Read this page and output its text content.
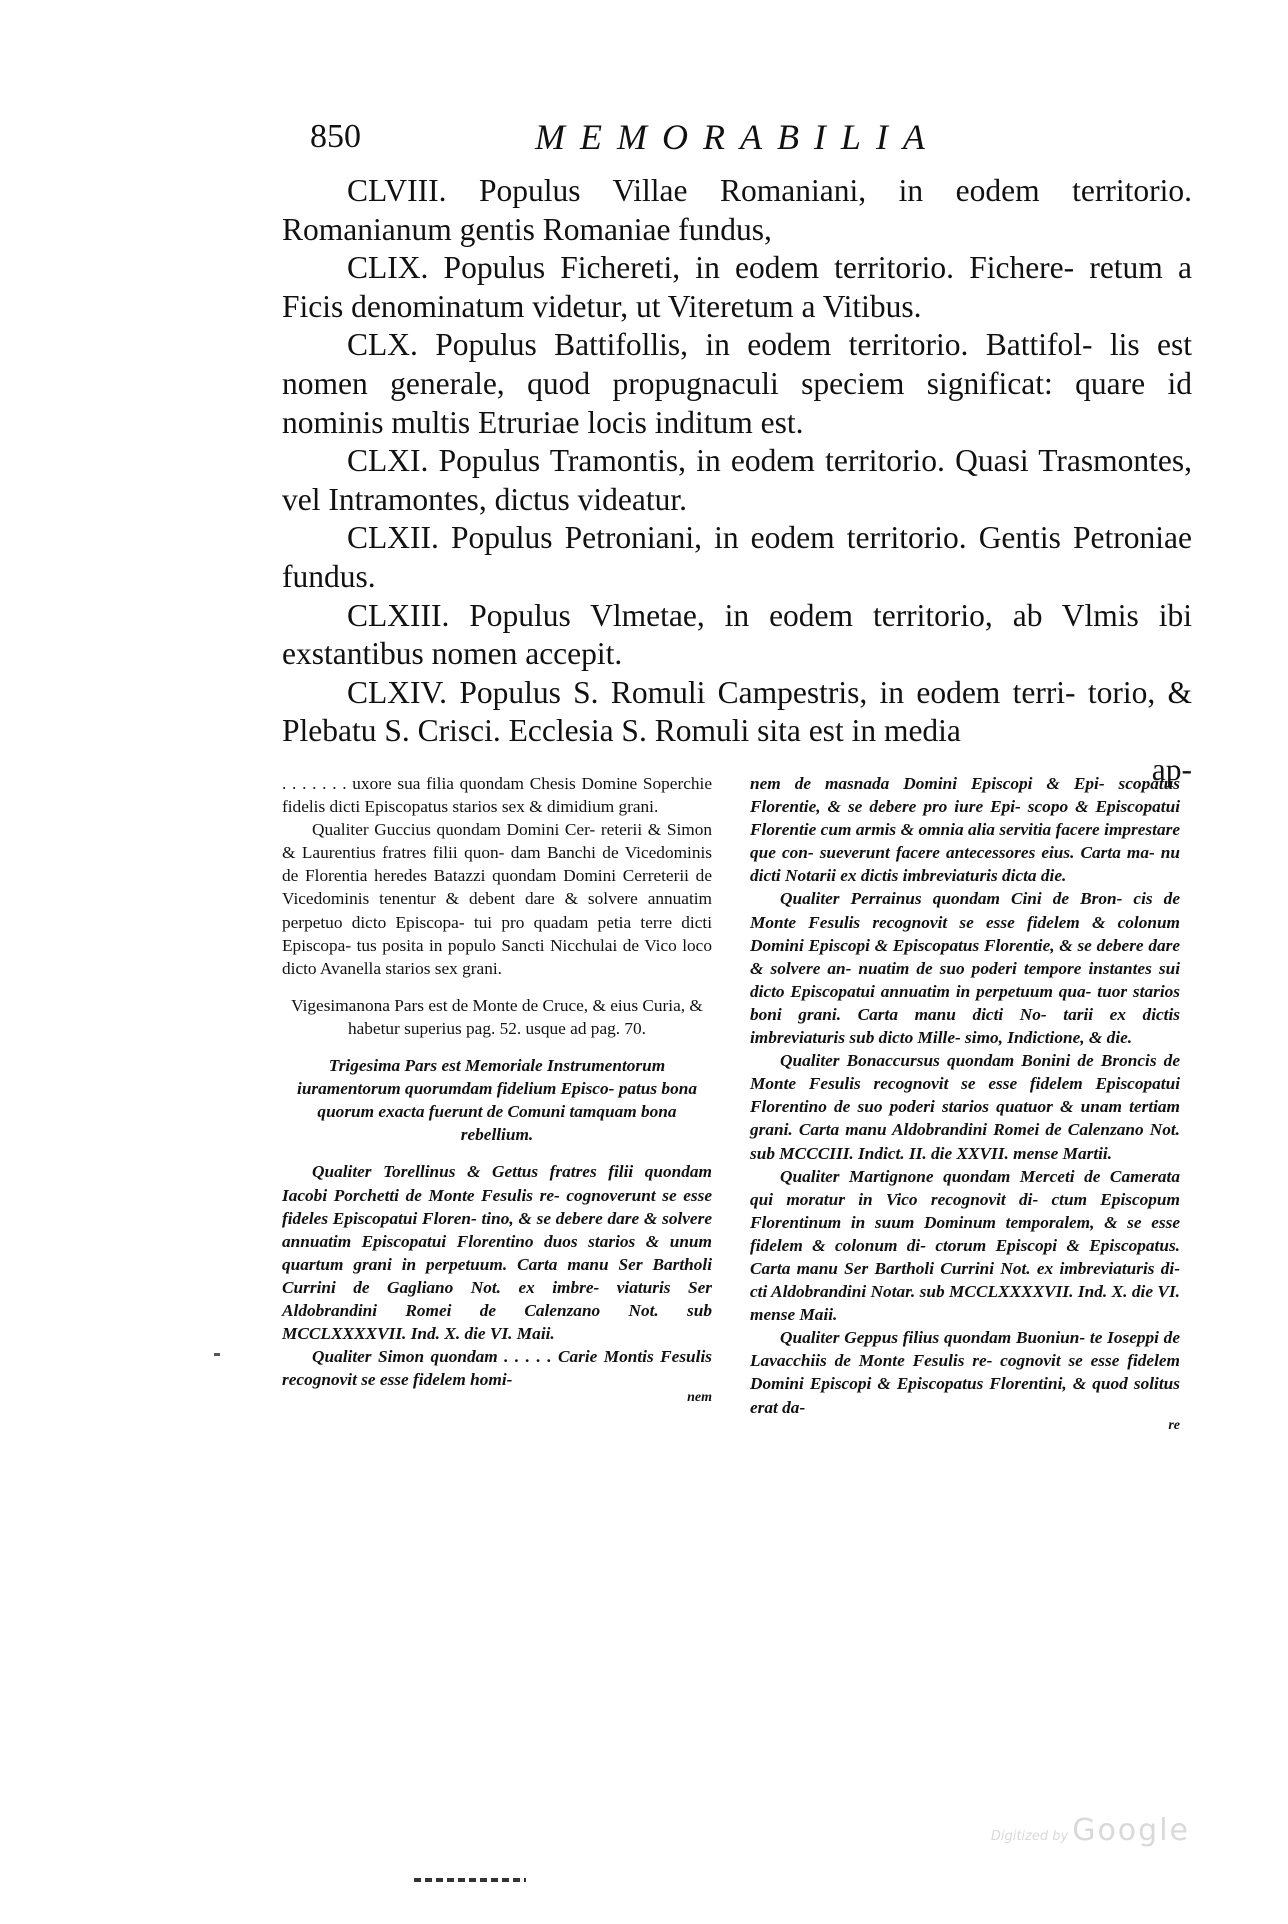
850	MEMORABILIA

CLVIII. Populus Villae Romaniani, in eodem territorio. Romanianum gentis Romaniae fundus,

CLIX. Populus Fichereti, in eodem territorio. Fichere- retum a Ficis denominatum videtur, ut Viteretum a Vitibus.

CLX. Populus Battifollis, in eodem territorio. Battifol- lis est nomen generale, quod propugnaculi speciem significat: quare id nominis multis Etruriae locis inditum est.

CLXI. Populus Tramontis, in eodem territorio. Quasi Trasmontes, vel Intramontes, dictus videatur.

CLXII. Populus Petroniani, in eodem territorio. Gentis Petroniae fundus.

CLXIII. Populus Vlmetae, in eodem territorio, ab Vlmis ibi exstantibus nomen accepit.

CLXIV. Populus S. Romuli Campestris, in eodem terri- torio, & Plebatu S. Crisci. Ecclesia S. Romuli sita est in media

ap-

. . . . . . . uxore sua filia quondam Chesis Domine Soperchie fidelis dicti Episcopatus starios sex & dimidium grani.

Qualiter Guccius quondam Domini Cer- reterii & Simon & Laurentius fratres filii quon- dam Banchi de Vicedominis de Florentia heredes Batazzi quondam Domini Cerreterii de Vicedominis tenentur & debent dare & solvere annuatim perpetuo dicto Episcopa- tui pro quadam petia terre dicti Episcopa- tus posita in populo Sancti Nicchulai de Vico loco dicto Avanella starios sex grani.

Vigesimanona Pars est de Monte de Cruce, & eius Curia, & habetur superius pag. 52. usque ad pag. 70.

Trigesima Pars est Memoriale Instrumentorum iuramentorum quorumdam fidelium Episco- patus bona quorum exacta fuerunt de Comuni tamquam bona rebellium.

Qualiter Torellinus & Gettus fratres filii quondam Iacobi Porchetti de Monte Fesulis re- cognoverunt se esse fideles Episcopatui Floren- tino, & se debere dare & solvere annuatim Episcopatui Florentino duos starios & unum quartum grani in perpetuum. Carta manu Ser Bartholi Currini de Gagliano Not. ex imbre- viaturis Ser Aldobrandini Romei de Calenzano Not. sub MCCLXXXXVII. Ind. X. die VI. Maii.

Qualiter Simon quondam . . . . . Carie Montis Fesulis recognovit se esse fidelem homi-

nem

nem de masnada Domini Episcopi & Epi- scopatus Florentie, & se debere pro iure Epi- scopo & Episcopatui Florentie cum armis & omnia alia servitia facere imprestare que con- sueverunt facere antecessores eius. Carta ma- nu dicti Notarii ex dictis imbreviaturis dicta die.

Qualiter Perrainus quondam Cini de Bron- cis de Monte Fesulis recognovit se esse fidelem & colonum Domini Episcopi & Episcopatus Florentie, & se debere dare & solvere an- nuatim de suo poderi tempore instantes sui dicto Episcopatui annuatim in perpetuum qua- tuor starios boni grani. Carta manu dicti No- tarii ex dictis imbreviaturis sub dicto Mille- simo, Indictione, & die.

Qualiter Bonaccursus quondam Bonini de Broncis de Monte Fesulis recognovit se esse fidelem Episcopatui Florentino de suo poderi starios quatuor & unam tertiam grani. Carta manu Aldobrandini Romei de Calenzano Not. sub MCCCIII. Indict. II. die XXVII. mense Martii.

Qualiter Martignone quondam Merceti de Camerata qui moratur in Vico recognovit di- ctum Episcopum Florentinum in suum Dominum temporalem, & se esse fidelem & colonum di- ctorum Episcopi & Episcopatus. Carta manu Ser Bartholi Currini Not. ex imbreviaturis di- cti Aldobrandini Notar. sub MCCLXXXXVII. Ind. X. die VI. mense Maii.

Qualiter Geppus filius quondam Buoniun- te Ioseppi de Lavacchiis de Monte Fesulis re- cognovit se esse fidelem Domini Episcopi & Episcopatus Florentini, & quod solitus erat da-

re

Digitized by Google
